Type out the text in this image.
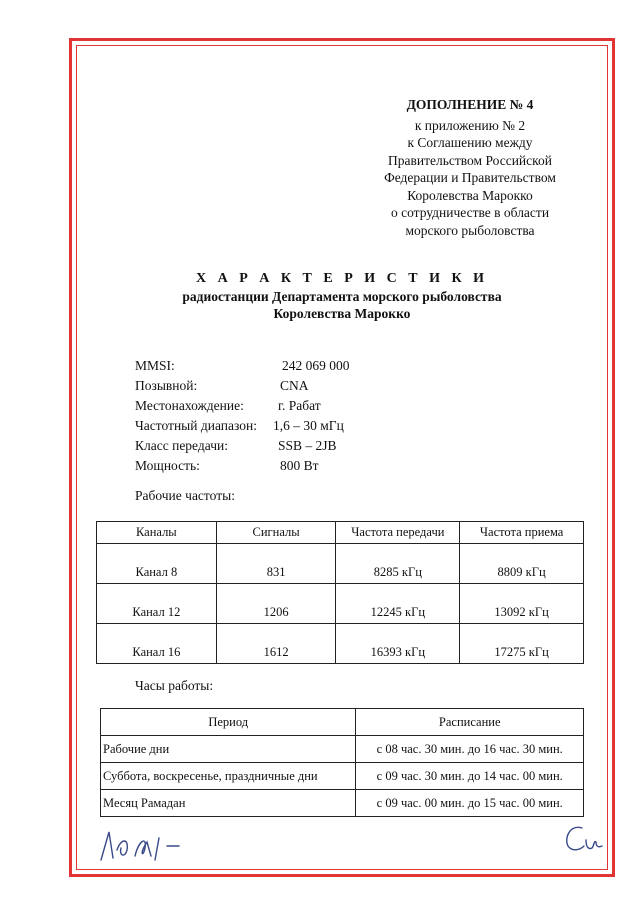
ДОПОЛНЕНИЕ № 4
к приложению № 2
к Соглашению между
Правительством Российской
Федерации и Правительством
Королевства Марокко
о сотрудничестве в области
морского рыболовства
Х А Р А К Т Е Р И С Т И К И
радиостанции Департамента морского рыболовства
Королевства Марокко
MMSI:	242 069 000
Позывной:	CNA
Местонахождение:	г. Рабат
Частотный диапазон: 1,6 – 30 мГц
Класс передачи:	SSB – 2JB
Мощность:	800 Вт
Рабочие частоты:
Каналы	Сигналы	Частота передачи	Частота приема
Канал 8	831	8285 кГц	8809 кГц
Канал 12	1206	12245 кГц	13092 кГц
Канал 16	1612	16393 кГц	17275 кГц
Часы работы:
Период	Расписание
Рабочие дни	с 08 час. 30 мин. до 16 час. 30 мин.
Суббота, воскресенье, праздничные дни	с 09 час. 30 мин. до 14 час. 00 мин.
Месяц Рамадан	с 09 час. 00 мин. до 15 час. 00 мин.
